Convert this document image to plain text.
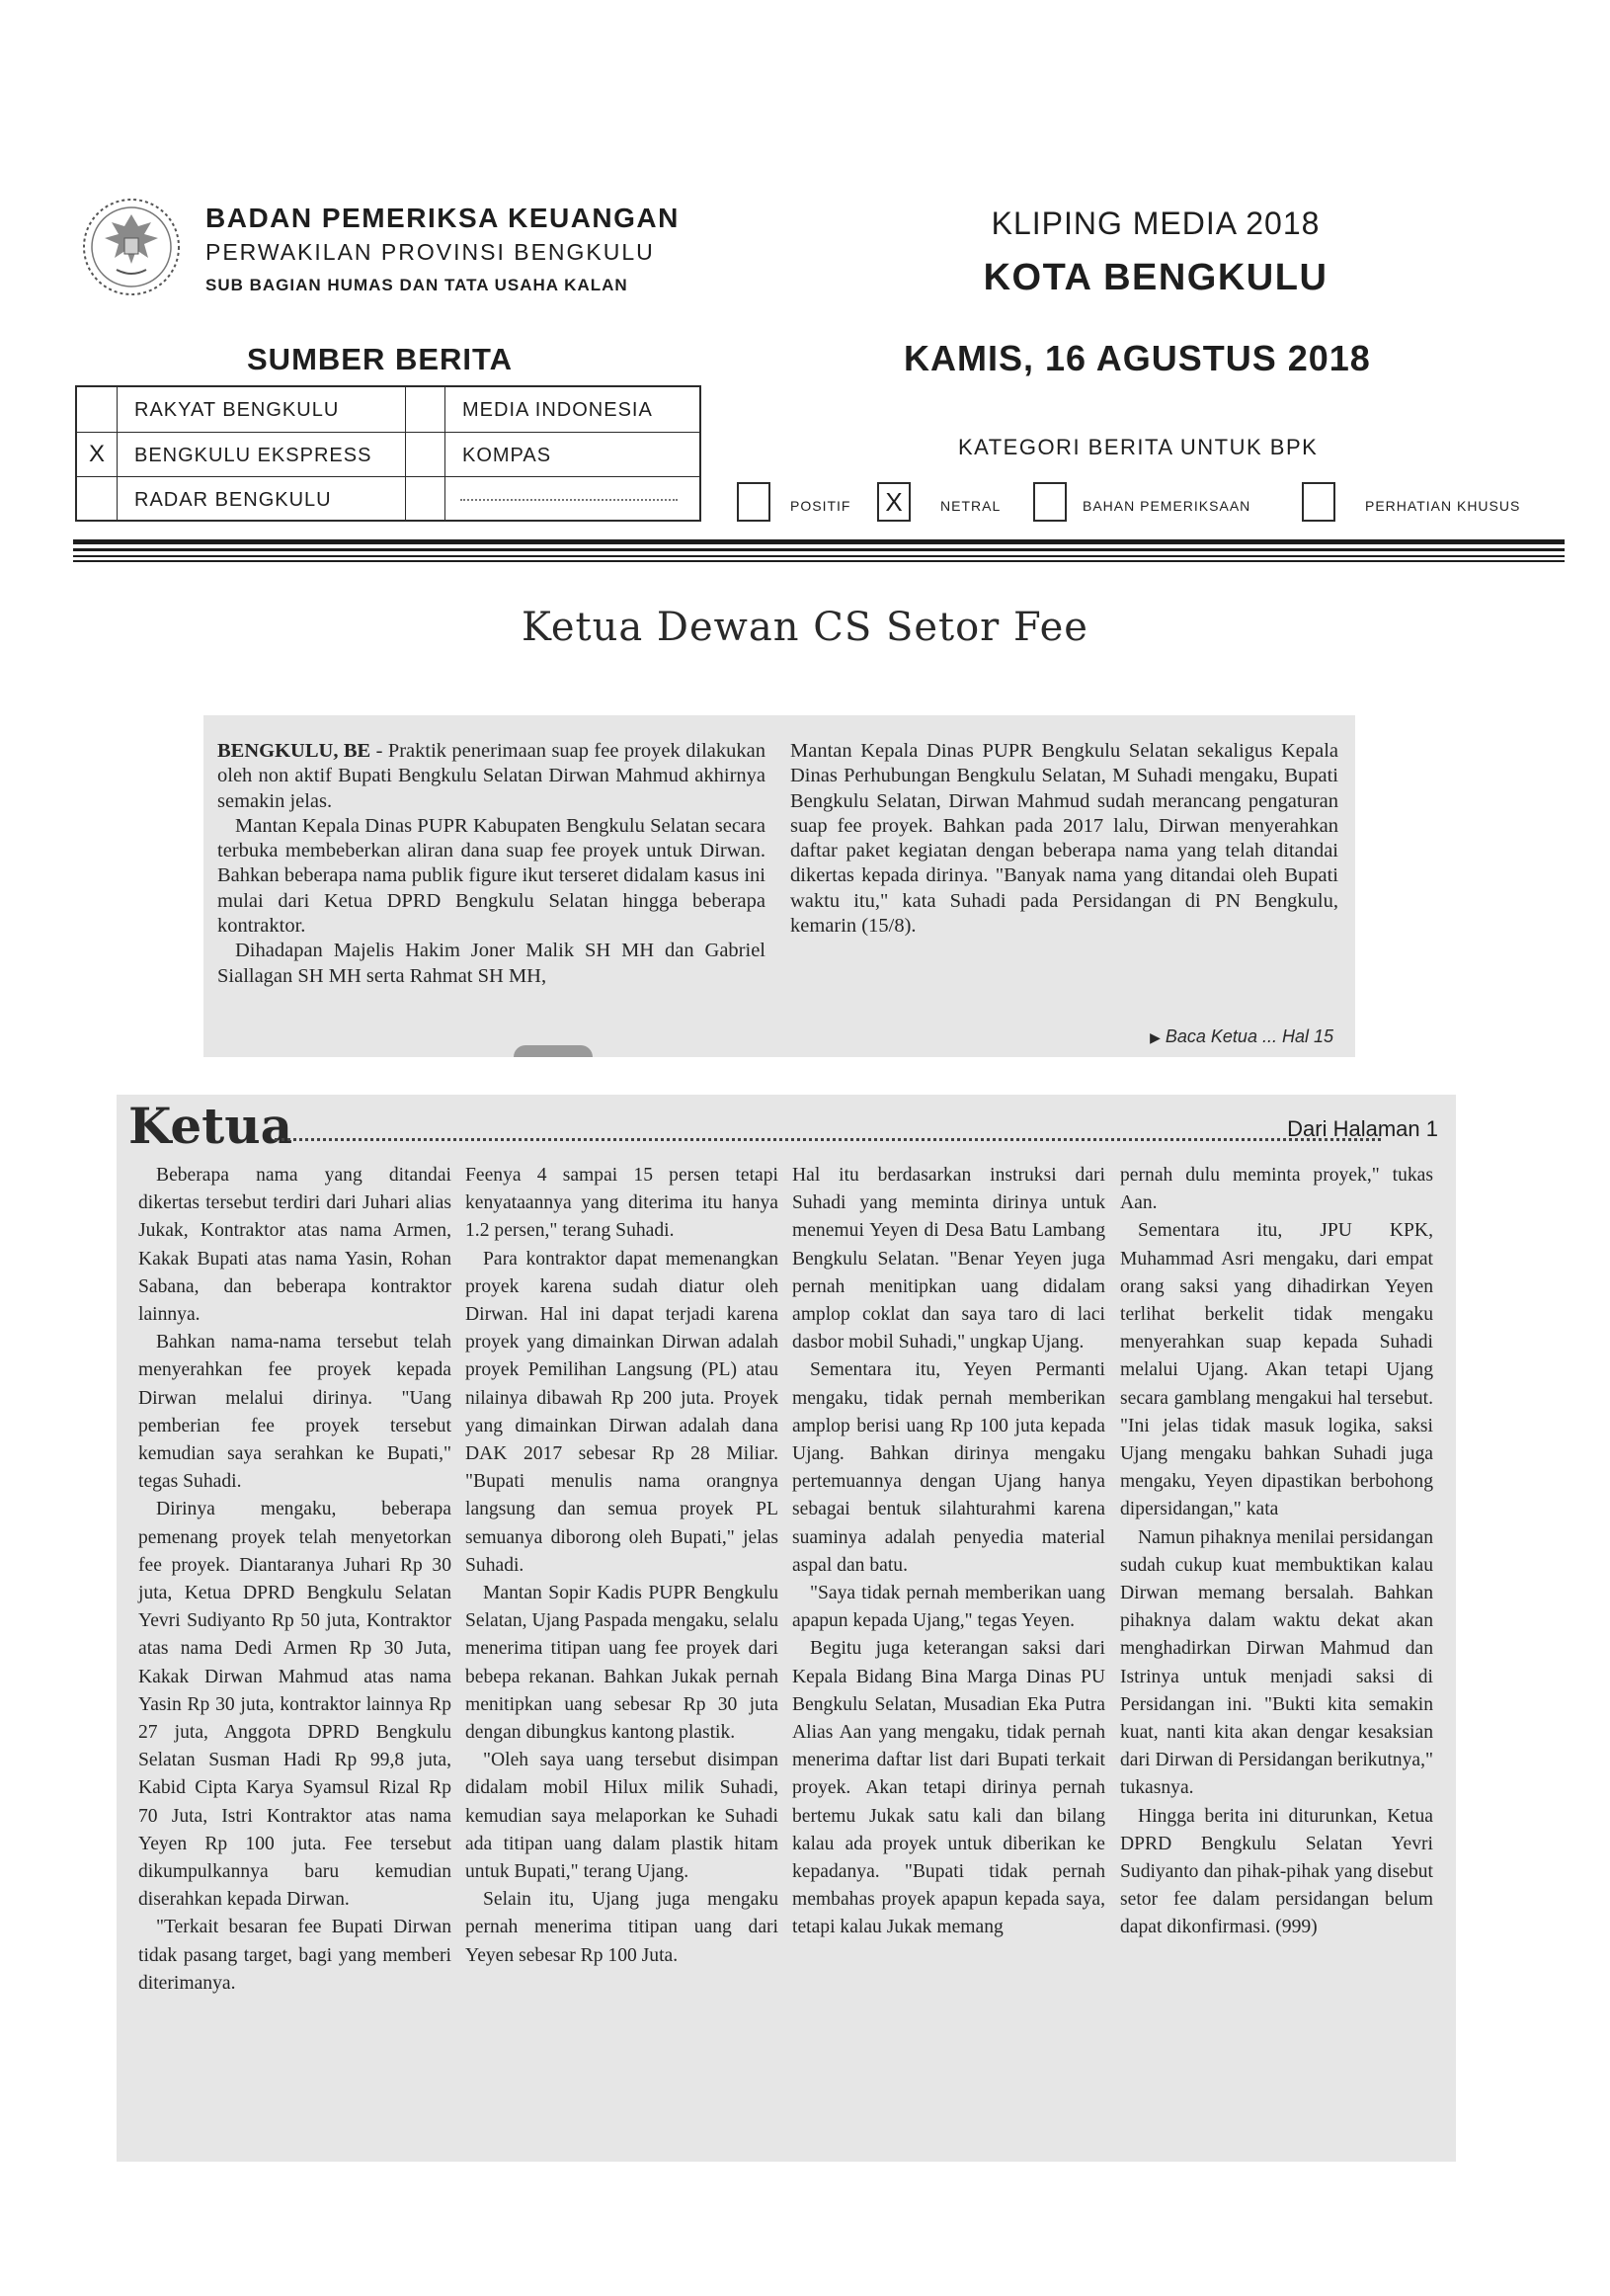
BADAN PEMERIKSA KEUANGAN
PERWAKILAN PROVINSI BENGKULU
SUB BAGIAN HUMAS DAN TATA USAHA KALAN
KLIPING MEDIA 2018
KOTA BENGKULU
SUMBER BERITA	KAMIS, 16 AGUSTUS 2018
RAKYAT BENGKULU	MEDIA INDONESIA
X BENGKULU EKSPRESS	KOMPAS
RADAR BENGKULU
KATEGORI BERITA UNTUK BPK
POSITIF	X	NETRAL	BAHAN PEMERIKSAAN	PERHATIAN KHUSUS
Ketua Dewan CS Setor Fee

BENGKULU, BE - Praktik penerimaan suap fee proyek dilakukan oleh non aktif Bupati Bengkulu Selatan Dirwan Mahmud akhirnya semakin jelas.

Mantan Kepala Dinas PUPR Kabupaten Bengkulu Selatan secara terbuka membeberkan aliran dana suap fee proyek untuk Dirwan. Bahkan beberapa nama publik figure ikut terseret didalam kasus ini mulai dari Ketua DPRD Bengkulu Selatan hingga beberapa kontraktor.

Dihadapan Majelis Hakim Joner Malik SH MH dan Gabriel Siallagan SH MH serta Rahmat SH MH,

Mantan Kepala Dinas PUPR Bengkulu Selatan sekaligus Kepala Dinas Perhubungan Bengkulu Selatan, M Suhadi mengaku, Bupati Bengkulu Selatan, Dirwan Mahmud sudah merancang pengaturan suap fee proyek. Bahkan pada 2017 lalu, Dirwan menyerahkan daftar paket kegiatan dengan beberapa nama yang telah ditandai dikertas kepada dirinya. "Banyak nama yang ditandai oleh Bupati waktu itu," kata Suhadi pada Persidangan di PN Bengkulu, kemarin (15/8).

▶ Baca Ketua ... Hal 15
Ketua	Dari Halaman 1

Beberapa nama yang ditandai dikertas tersebut terdiri dari Juhari alias Jukak, Kontraktor atas nama Armen, Kakak Bupati atas nama Yasin, Rohan Sabana, dan beberapa kontraktor lainnya.

Bahkan nama-nama tersebut telah menyerahkan fee proyek kepada Dirwan melalui dirinya. "Uang pemberian fee proyek tersebut kemudian saya serahkan ke Bupati," tegas Suhadi.

Dirinya mengaku, beberapa pemenang proyek telah menyetorkan fee proyek. Diantaranya Juhari Rp 30 juta, Ketua DPRD Bengkulu Selatan Yevri Sudiyanto Rp 50 juta, Kontraktor atas nama Dedi Armen Rp 30 Juta, Kakak Dirwan Mahmud atas nama Yasin Rp 30 juta, kontraktor lainnya Rp 27 juta, Anggota DPRD Bengkulu Selatan Susman Hadi Rp 99,8 juta, Kabid Cipta Karya Syamsul Rizal Rp 70 Juta, Istri Kontraktor atas nama Yeyen Rp 100 juta. Fee tersebut dikumpulkannya baru kemudian diserahkan kepada Dirwan.

"Terkait besaran fee Bupati Dirwan tidak pasang target, bagi yang memberi diterimanya.

Feenya 4 sampai 15 persen tetapi kenyataannya yang diterima itu hanya 1.2 persen," terang Suhadi.

Para kontraktor dapat memenangkan proyek karena sudah diatur oleh Dirwan. Hal ini dapat terjadi karena proyek yang dimainkan Dirwan adalah proyek Pemilihan Langsung (PL) atau nilainya dibawah Rp 200 juta. Proyek yang dimainkan Dirwan adalah dana DAK 2017 sebesar Rp 28 Miliar. "Bupati menulis nama orangnya langsung dan semua proyek PL semuanya diborong oleh Bupati," jelas Suhadi.

Mantan Sopir Kadis PUPR Bengkulu Selatan, Ujang Paspada mengaku, selalu menerima titipan uang fee proyek dari bebepa rekanan. Bahkan Jukak pernah menitipkan uang sebesar Rp 30 juta dengan dibungkus kantong plastik.

"Oleh saya uang tersebut disimpan didalam mobil Hilux milik Suhadi, kemudian saya melaporkan ke Suhadi ada titipan uang dalam plastik hitam untuk Bupati," terang Ujang.

Selain itu, Ujang juga mengaku pernah menerima titipan uang dari Yeyen sebesar Rp 100 Juta.

Hal itu berdasarkan instruksi dari Suhadi yang meminta dirinya untuk menemui Yeyen di Desa Batu Lambang Bengkulu Selatan. "Benar Yeyen juga pernah menitipkan uang didalam amplop coklat dan saya taro di laci dasbor mobil Suhadi," ungkap Ujang.

Sementara itu, Yeyen Permanti mengaku, tidak pernah memberikan amplop berisi uang Rp 100 juta kepada Ujang. Bahkan dirinya mengaku pertemuannya dengan Ujang hanya sebagai bentuk silahturahmi karena suaminya adalah penyedia material aspal dan batu.

"Saya tidak pernah memberikan uang apapun kepada Ujang," tegas Yeyen.

Begitu juga keterangan saksi dari Kepala Bidang Bina Marga Dinas PU Bengkulu Selatan, Musadian Eka Putra Alias Aan yang mengaku, tidak pernah menerima daftar list dari Bupati terkait proyek. Akan tetapi dirinya pernah bertemu Jukak satu kali dan bilang kalau ada proyek untuk diberikan ke kepadanya. "Bupati tidak pernah membahas proyek apapun kepada saya, tetapi kalau Jukak memang

pernah dulu meminta proyek," tukas Aan.

Sementara itu, JPU KPK, Muhammad Asri mengaku, dari empat orang saksi yang dihadirkan Yeyen terlihat berkelit tidak mengaku menyerahkan suap kepada Suhadi melalui Ujang. Akan tetapi Ujang secara gamblang mengakui hal tersebut. "Ini jelas tidak masuk logika, saksi Ujang mengaku bahkan Suhadi juga mengaku, Yeyen dipastikan berbohong dipersidangan," kata

Namun pihaknya menilai persidangan sudah cukup kuat membuktikan kalau Dirwan memang bersalah. Bahkan pihaknya dalam waktu dekat akan menghadirkan Dirwan Mahmud dan Istrinya untuk menjadi saksi di Persidangan ini. "Bukti kita semakin kuat, nanti kita akan dengar kesaksian dari Dirwan di Persidangan berikutnya," tukasnya.

Hingga berita ini diturunkan, Ketua DPRD Bengkulu Selatan Yevri Sudiyanto dan pihak-pihak yang disebut setor fee dalam persidangan belum dapat dikonfirmasi. (999)
